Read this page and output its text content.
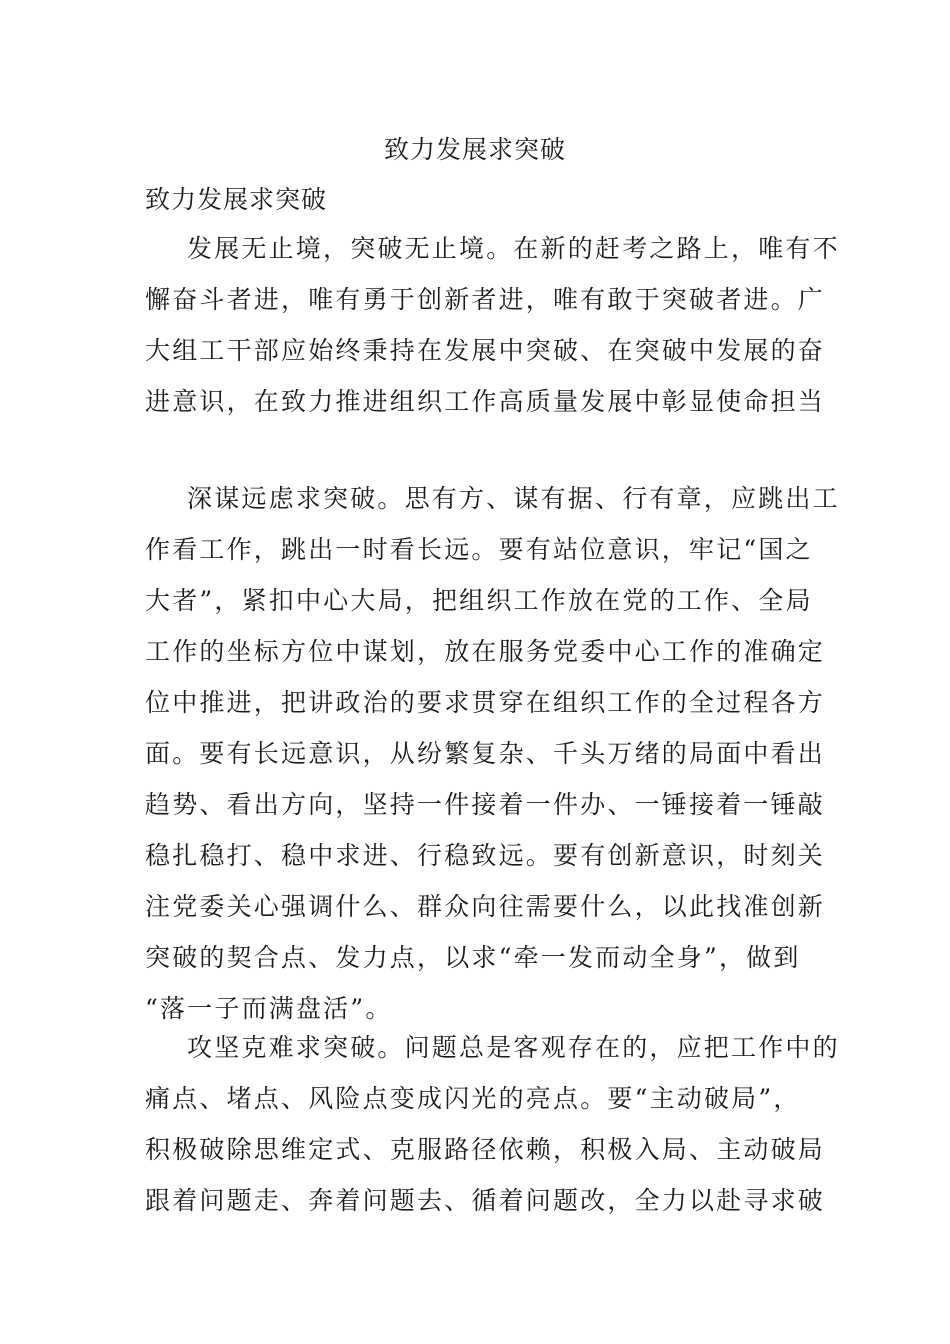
致力发展求突破
致力发展求突破
发展无止境，突破无止境。在新的赶考之路上，唯有不
懈奋斗者进，唯有勇于创新者进，唯有敢于突破者进。广
大组工干部应始终秉持在发展中突破、在突破中发展的奋
进意识，在致力推进组织工作高质量发展中彰显使命担当
深谋远虑求突破。思有方、谋有据、行有章，应跳出工
作看工作，跳出一时看长远。要有站位意识，牢记“国之
大者”，紧扣中心大局，把组织工作放在党的工作、全局
工作的坐标方位中谋划，放在服务党委中心工作的准确定
位中推进，把讲政治的要求贯穿在组织工作的全过程各方
面。要有长远意识，从纷繁复杂、千头万绪的局面中看出
趋势、看出方向，坚持一件接着一件办、一锤接着一锤敲
稳扎稳打、稳中求进、行稳致远。要有创新意识，时刻关
注党委关心强调什么、群众向往需要什么，以此找准创新
突破的契合点、发力点，以求“牵一发而动全身”，做到
“落一子而满盘活”。
攻坚克难求突破。问题总是客观存在的，应把工作中的
痛点、堵点、风险点变成闪光的亮点。要“主动破局”，
积极破除思维定式、克服路径依赖，积极入局、主动破局
跟着问题走、奔着问题去、循着问题改，全力以赴寻求破
